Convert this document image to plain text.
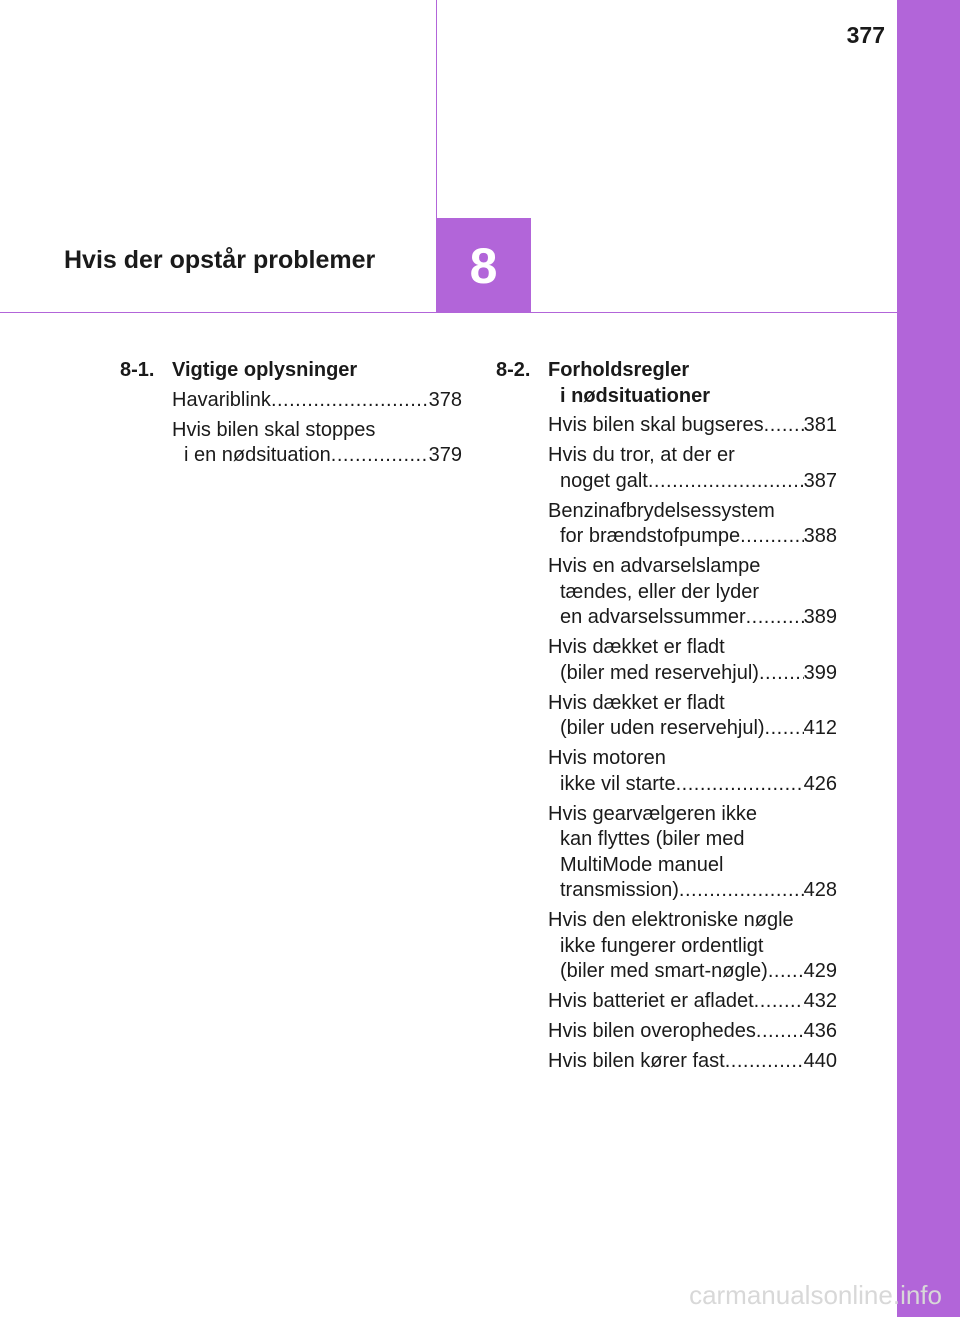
377
Hvis der opstår problemer 8
8-1. Vigtige oplysninger
Havariblink .....	378
Hvis bilen skal stoppes
i en nødsituation .....	379
8-2. Forholdsregler
i nødsituationer
Hvis bilen skal bugseres ..... 381
Hvis du tror, at der er
noget galt .....	387
Benzinafbrydelsessystem
for brændstofpumpe .....	388
Hvis en advarselslampe
tændes, eller der lyder
en advarselssummer .....	389
Hvis dækket er fladt
(biler med reservehjul) ..... 399
Hvis dækket er fladt
(biler uden reservehjul) ..... 412
Hvis motoren
ikke vil starte .....	426
Hvis gearvælgeren ikke
kan flyttes (biler med
MultiMode manuel
transmission) .....	428
Hvis den elektroniske nøgle
ikke fungerer ordentligt
(biler med smart-nøgle) ..... 429
Hvis batteriet er afladet ..... 432
Hvis bilen overophedes ..... 436
Hvis bilen kører fast .....	440
carmanualsonline.info
